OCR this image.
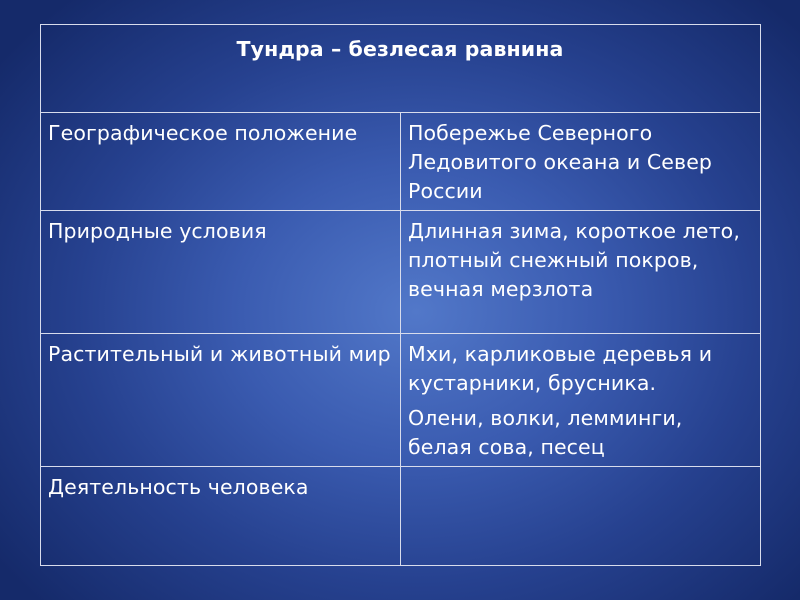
Тундра – безлесая равнина	
Географическое положение	Побережье Северного Ледовитого океана и Север России
Природные условия	Длинная зима, короткое лето, плотный снежный покров, вечная мерзлота
Растительный и животный мир	Мхи, карликовые деревья и кустарники, брусника.
Олени, волки, лемминги, белая сова, песец

Деятельность человека	
